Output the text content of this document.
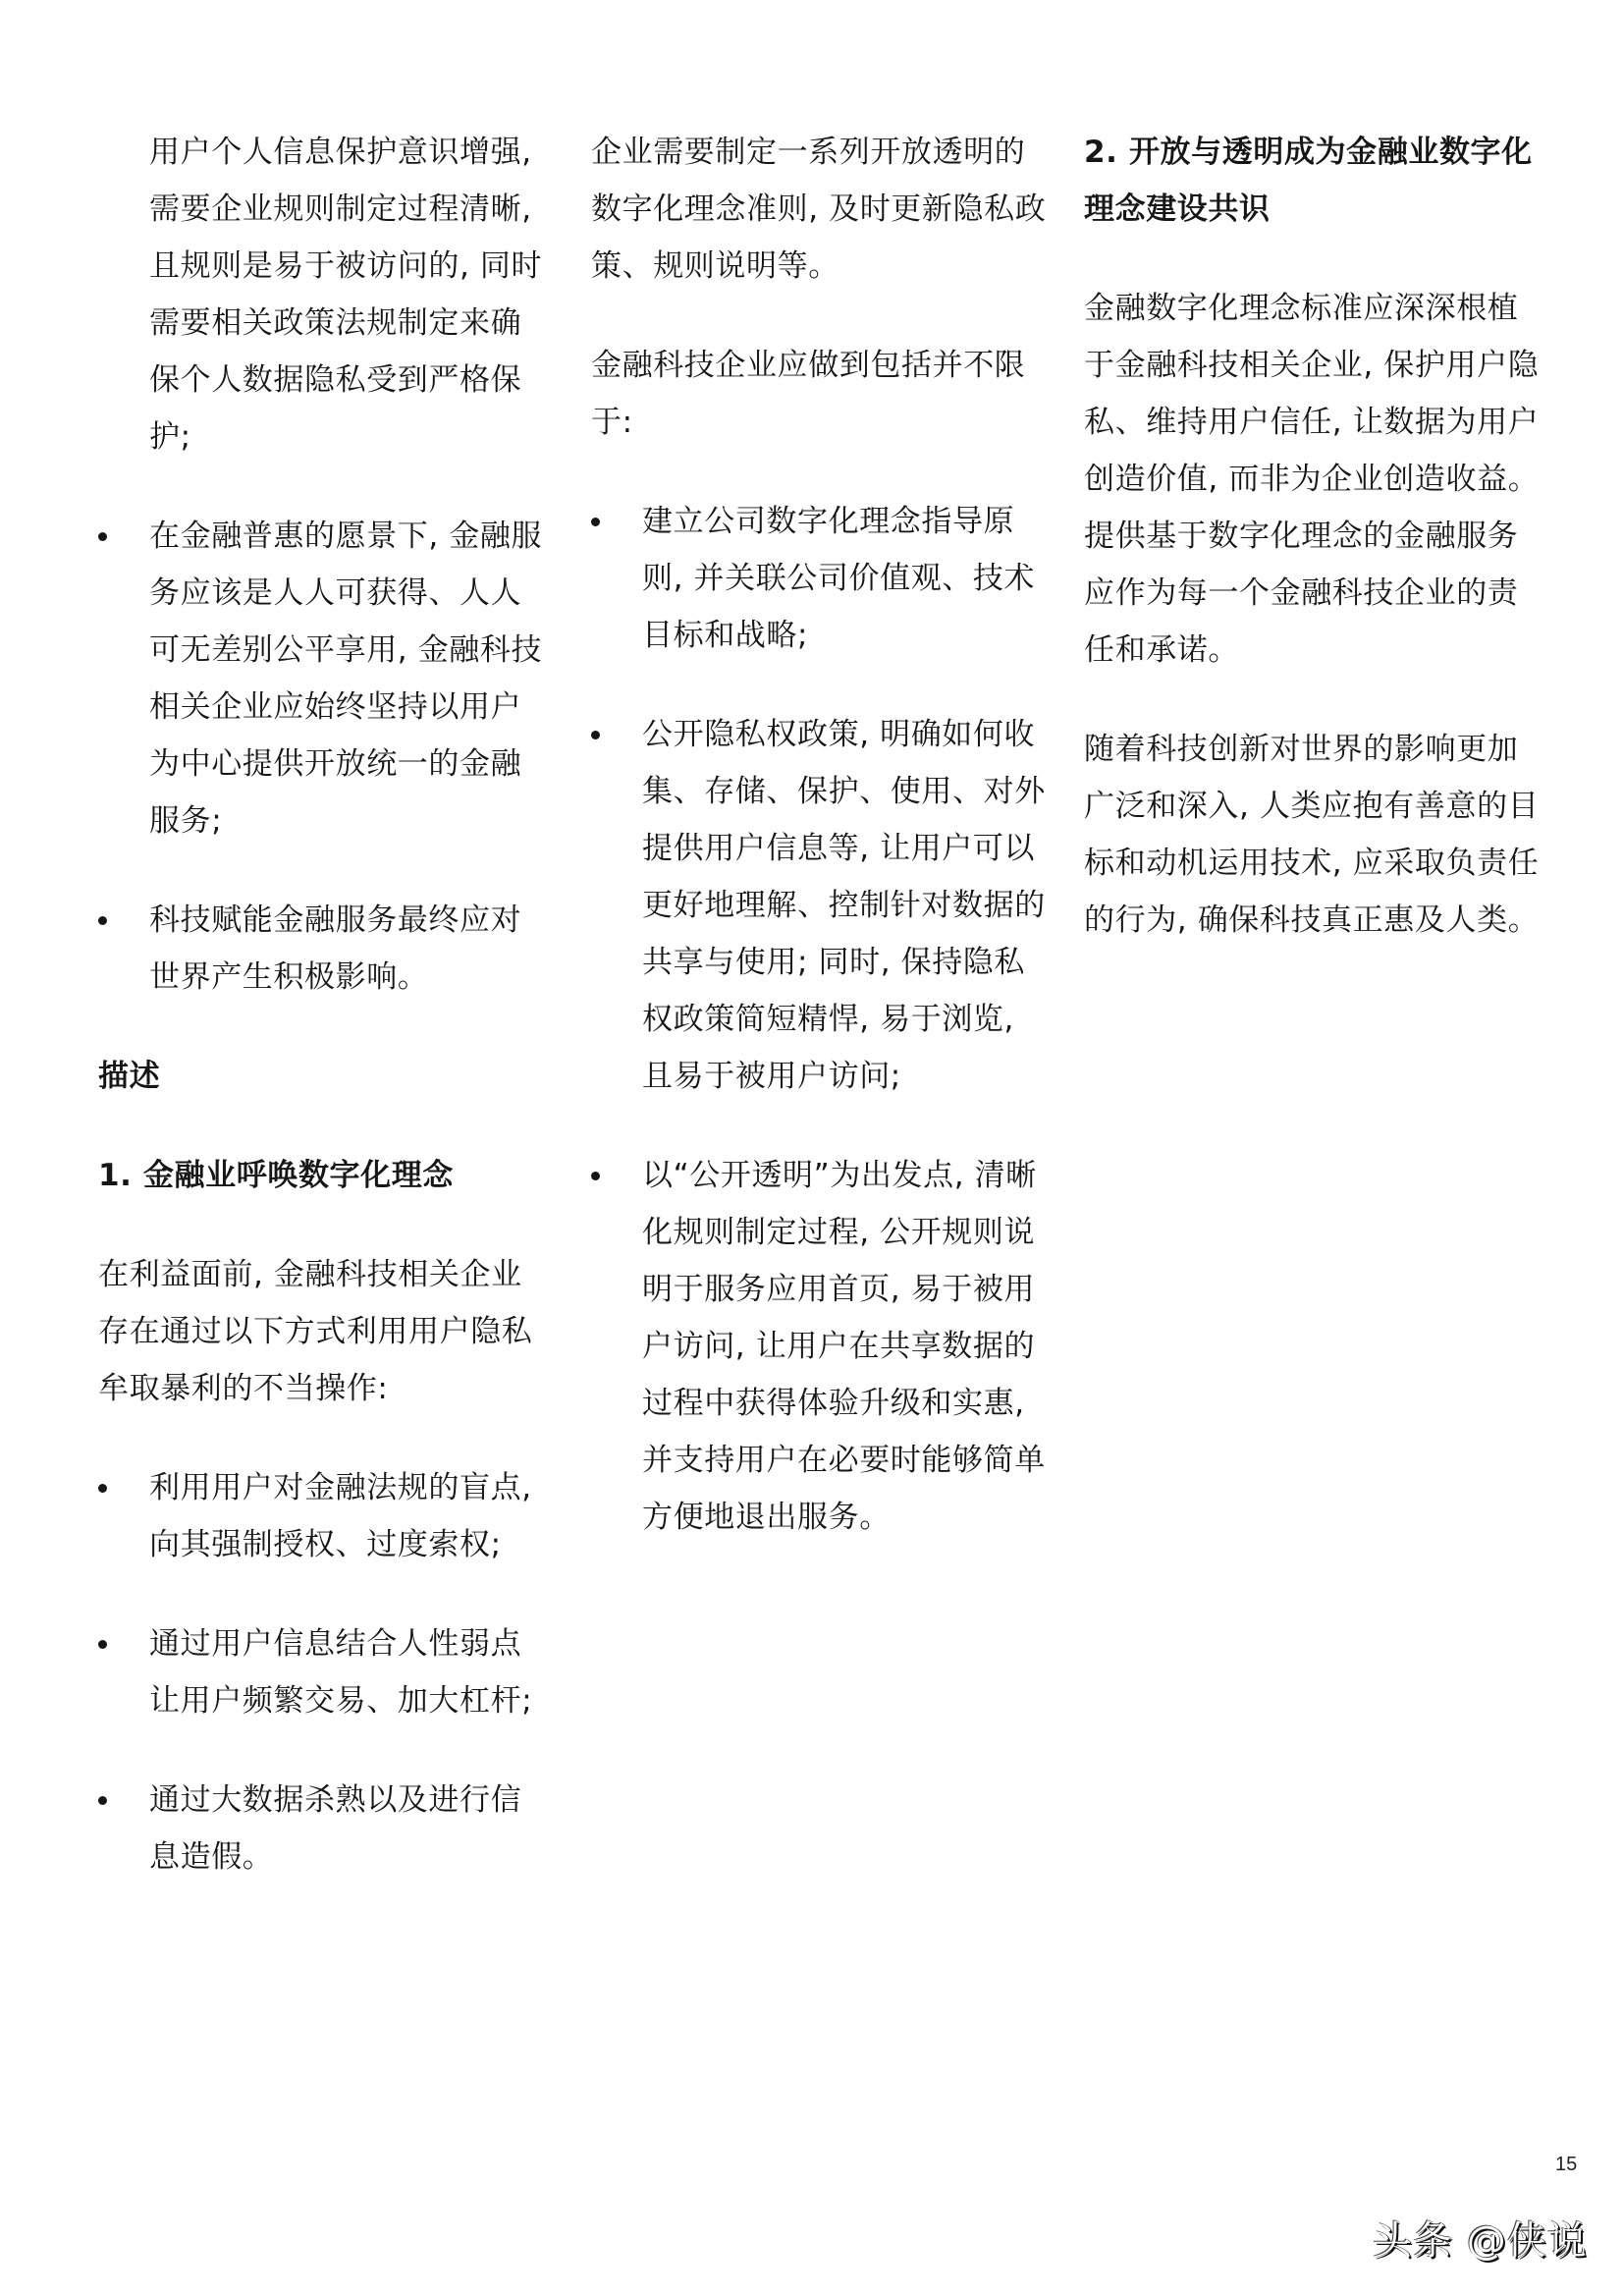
用户个人信息保护意识增强, 需要企业规则制定过程清晰, 且规则是易于被访问的, 同时需要相关政策法规制定来确保个人数据隐私受到严格保护;

在金融普惠的愿景下, 金融服务应该是人人可获得、人人可无差别公平享用, 金融科技相关企业应始终坚持以用户为中心提供开放统一的金融服务;
科技赋能金融服务最终应对世界产生积极影响。
描述
1. 金融业呼唤数字化理念

在利益面前, 金融科技相关企业存在通过以下方式利用用户隐私牟取暴利的不当操作:

利用用户对金融法规的盲点, 向其强制授权、过度索权;
通过用户信息结合人性弱点让用户频繁交易、加大杠杆;
通过大数据杀熟以及进行信息造假。

企业需要制定一系列开放透明的数字化理念准则, 及时更新隐私政策、规则说明等。

金融科技企业应做到包括并不限于:

建立公司数字化理念指导原则, 并关联公司价值观、技术目标和战略;
公开隐私权政策, 明确如何收集、存储、保护、使用、对外提供用户信息等, 让用户可以更好地理解、控制针对数据的共享与使用; 同时, 保持隐私权政策简短精悍, 易于浏览, 且易于被用户访问;
以“公开透明”为出发点, 清晰化规则制定过程, 公开规则说明于服务应用首页, 易于被用户访问, 让用户在共享数据的过程中获得体验升级和实惠, 并支持用户在必要时能够简单方便地退出服务。
2. 开放与透明成为金融业数字化理念建设共识

金融数字化理念标准应深深根植于金融科技相关企业, 保护用户隐私、维持用户信任, 让数据为用户创造价值, 而非为企业创造收益。提供基于数字化理念的金融服务应作为每一个金融科技企业的责任和承诺。

随着科技创新对世界的影响更加广泛和深入, 人类应抱有善意的目标和动机运用技术, 应采取负责任的行为, 确保科技真正惠及人类。

15
头条 @侠说
